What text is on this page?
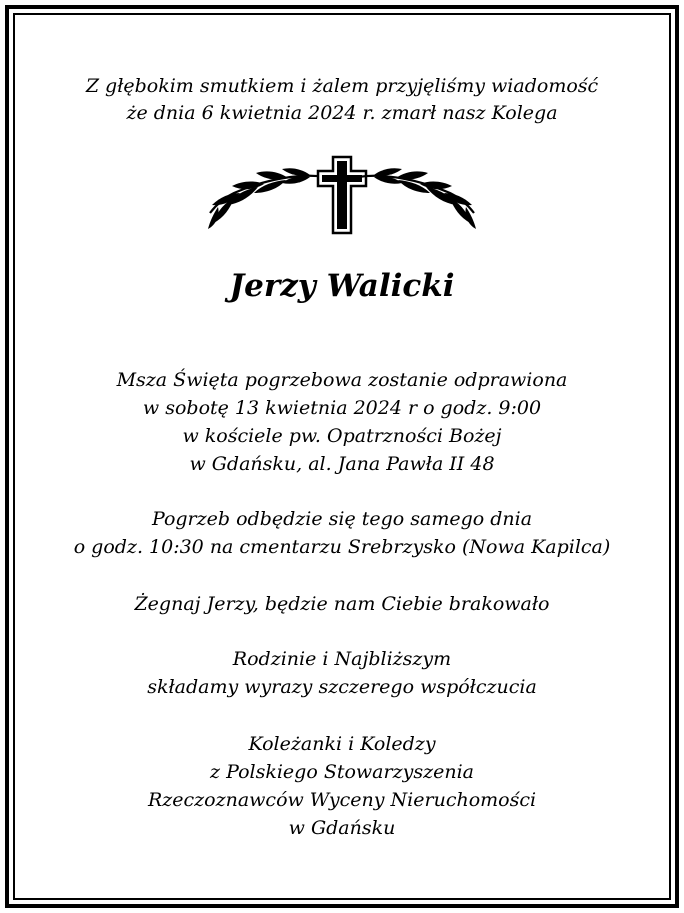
Z głębokim smutkiem i żalem przyjęliśmy wiadomość
że dnia 6 kwietnia 2024 r. zmarł nasz Kolega
Jerzy Walicki
Msza Święta pogrzebowa zostanie odprawiona
w sobotę 13 kwietnia 2024 r o godz. 9:00
w kościele pw. Opatrzności Bożej
w Gdańsku, al. Jana Pawła II 48
Pogrzeb odbędzie się tego samego dnia
o godz. 10:30 na cmentarzu Srebrzysko (Nowa Kapilca)
Żegnaj Jerzy, będzie nam Ciebie brakowało
Rodzinie i Najbliższym
składamy wyrazy szczerego współczucia
Koleżanki i Koledzy
z Polskiego Stowarzyszenia
Rzeczoznawców Wyceny Nieruchomości
w Gdańsku
